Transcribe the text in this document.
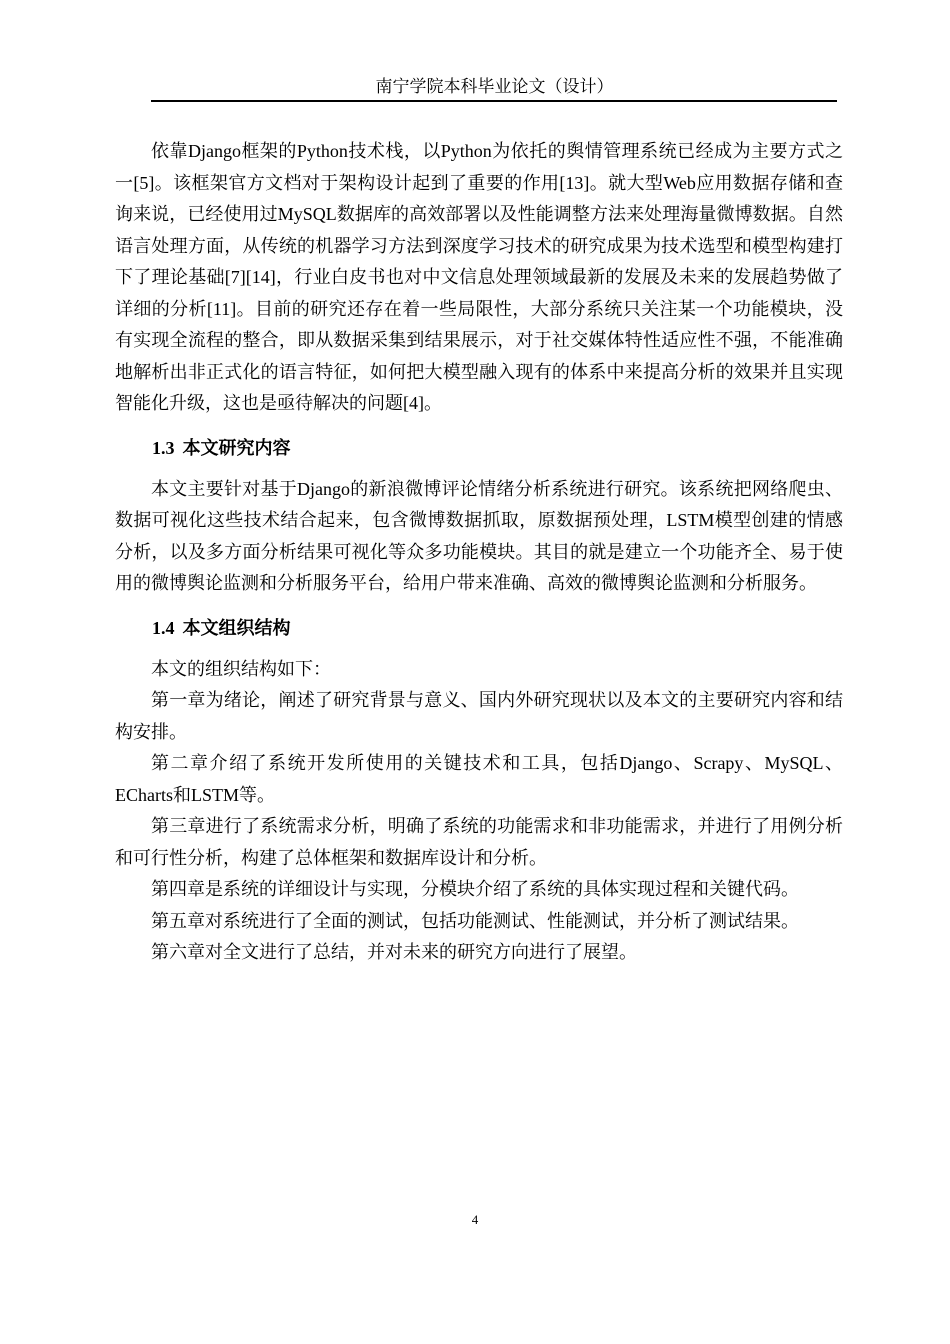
南宁学院本科毕业论文（设计）

依靠Django框架的Python技术栈，以Python为依托的舆情管理系统已经成为主要方式之一[5]。该框架官方文档对于架构设计起到了重要的作用[13]。就大型Web应用数据存储和查询来说，已经使用过MySQL数据库的高效部署以及性能调整方法来处理海量微博数据。自然语言处理方面，从传统的机器学习方法到深度学习技术的研究成果为技术选型和模型构建打下了理论基础[7][14]，行业白皮书也对中文信息处理领域最新的发展及未来的发展趋势做了详细的分析[11]。目前的研究还存在着一些局限性，大部分系统只关注某一个功能模块，没有实现全流程的整合，即从数据采集到结果展示，对于社交媒体特性适应性不强，不能准确地解析出非正式化的语言特征，如何把大模型融入现有的体系中来提高分析的效果并且实现智能化升级，这也是亟待解决的问题[4]。

1.3 本文研究内容

本文主要针对基于Django的新浪微博评论情绪分析系统进行研究。该系统把网络爬虫、数据可视化这些技术结合起来，包含微博数据抓取，原数据预处理，LSTM模型创建的情感分析，以及多方面分析结果可视化等众多功能模块。其目的就是建立一个功能齐全、易于使用的微博舆论监测和分析服务平台，给用户带来准确、高效的微博舆论监测和分析服务。

1.4 本文组织结构

本文的组织结构如下：

第一章为绪论，阐述了研究背景与意义、国内外研究现状以及本文的主要研究内容和结构安排。

第二章介绍了系统开发所使用的关键技术和工具，包括Django、Scrapy、MySQL、ECharts和LSTM等。

第三章进行了系统需求分析，明确了系统的功能需求和非功能需求，并进行了用例分析和可行性分析，构建了总体框架和数据库设计和分析。

第四章是系统的详细设计与实现，分模块介绍了系统的具体实现过程和关键代码。

第五章对系统进行了全面的测试，包括功能测试、性能测试，并分析了测试结果。

第六章对全文进行了总结，并对未来的研究方向进行了展望。

4
